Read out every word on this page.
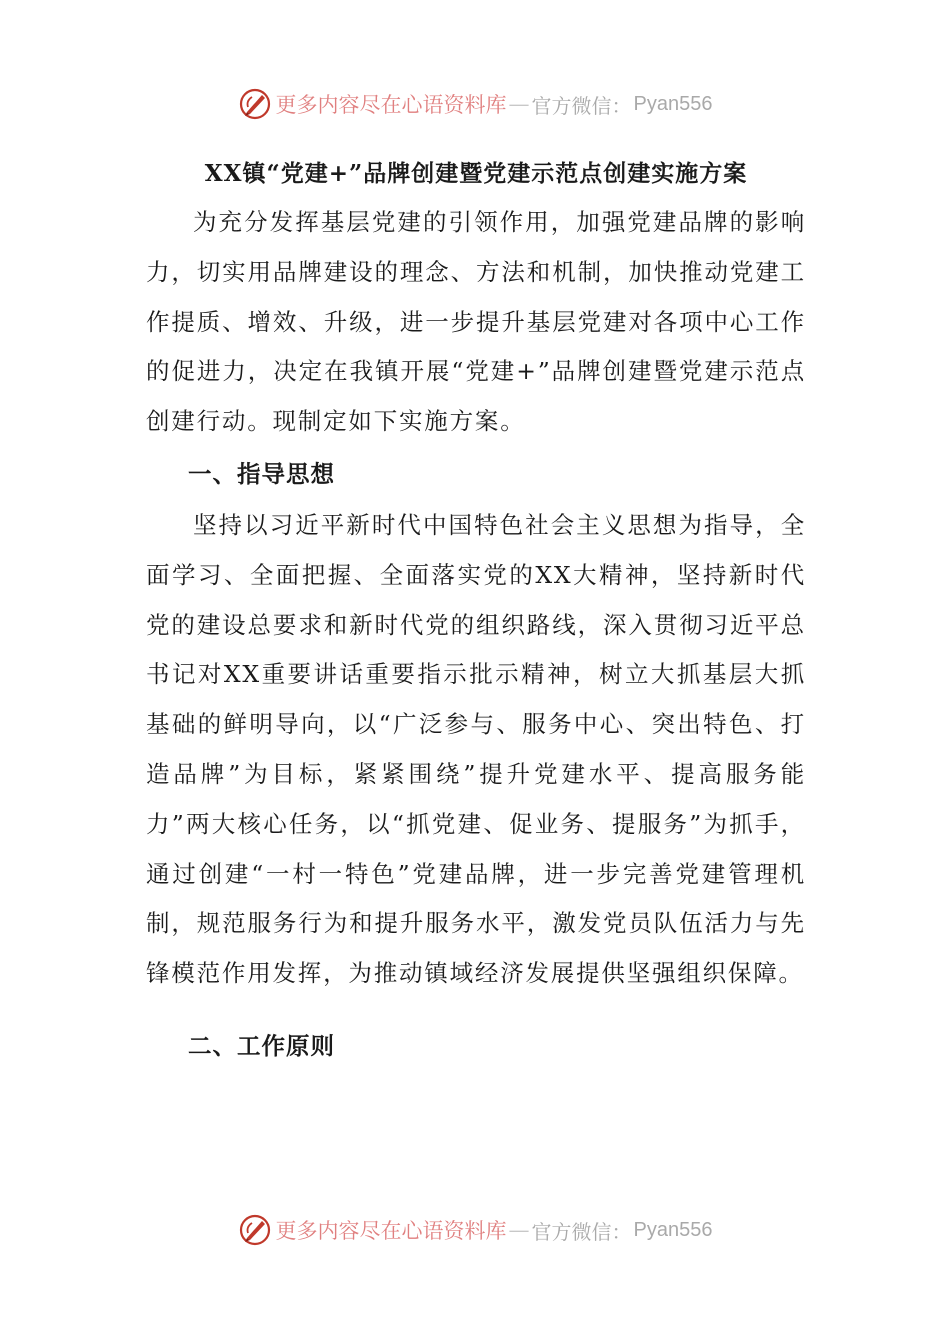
更多内容尽在心语资料库 — 官方微信： Pyan556
XX镇“党建+”品牌创建暨党建示范点创建实施方案

为充分发挥基层党建的引领作用，加强党建品牌的影响力，切实用品牌建设的理念、方法和机制，加快推动党建工作提质、增效、升级，进一步提升基层党建对各项中心工作的促进力，决定在我镇开展“党建+”品牌创建暨党建示范点创建行动。现制定如下实施方案。

一、指导思想

坚持以习近平新时代中国特色社会主义思想为指导，全面学习、全面把握、全面落实党的XX大精神，坚持新时代党的建设总要求和新时代党的组织路线，深入贯彻习近平总书记对XX重要讲话重要指示批示精神，树立大抓基层大抓基础的鲜明导向，以“广泛参与、服务中心、突出特色、打造品牌”为目标，紧紧围绕”提升党建水平、提高服务能力”两大核心任务，以“抓党建、促业务、提服务”为抓手，通过创建“一村一特色”党建品牌，进一步完善党建管理机制，规范服务行为和提升服务水平，激发党员队伍活力与先锋模范作用发挥，为推动镇域经济发展提供坚强组织保障。

二、工作原则
更多内容尽在心语资料库 — 官方微信： Pyan556
